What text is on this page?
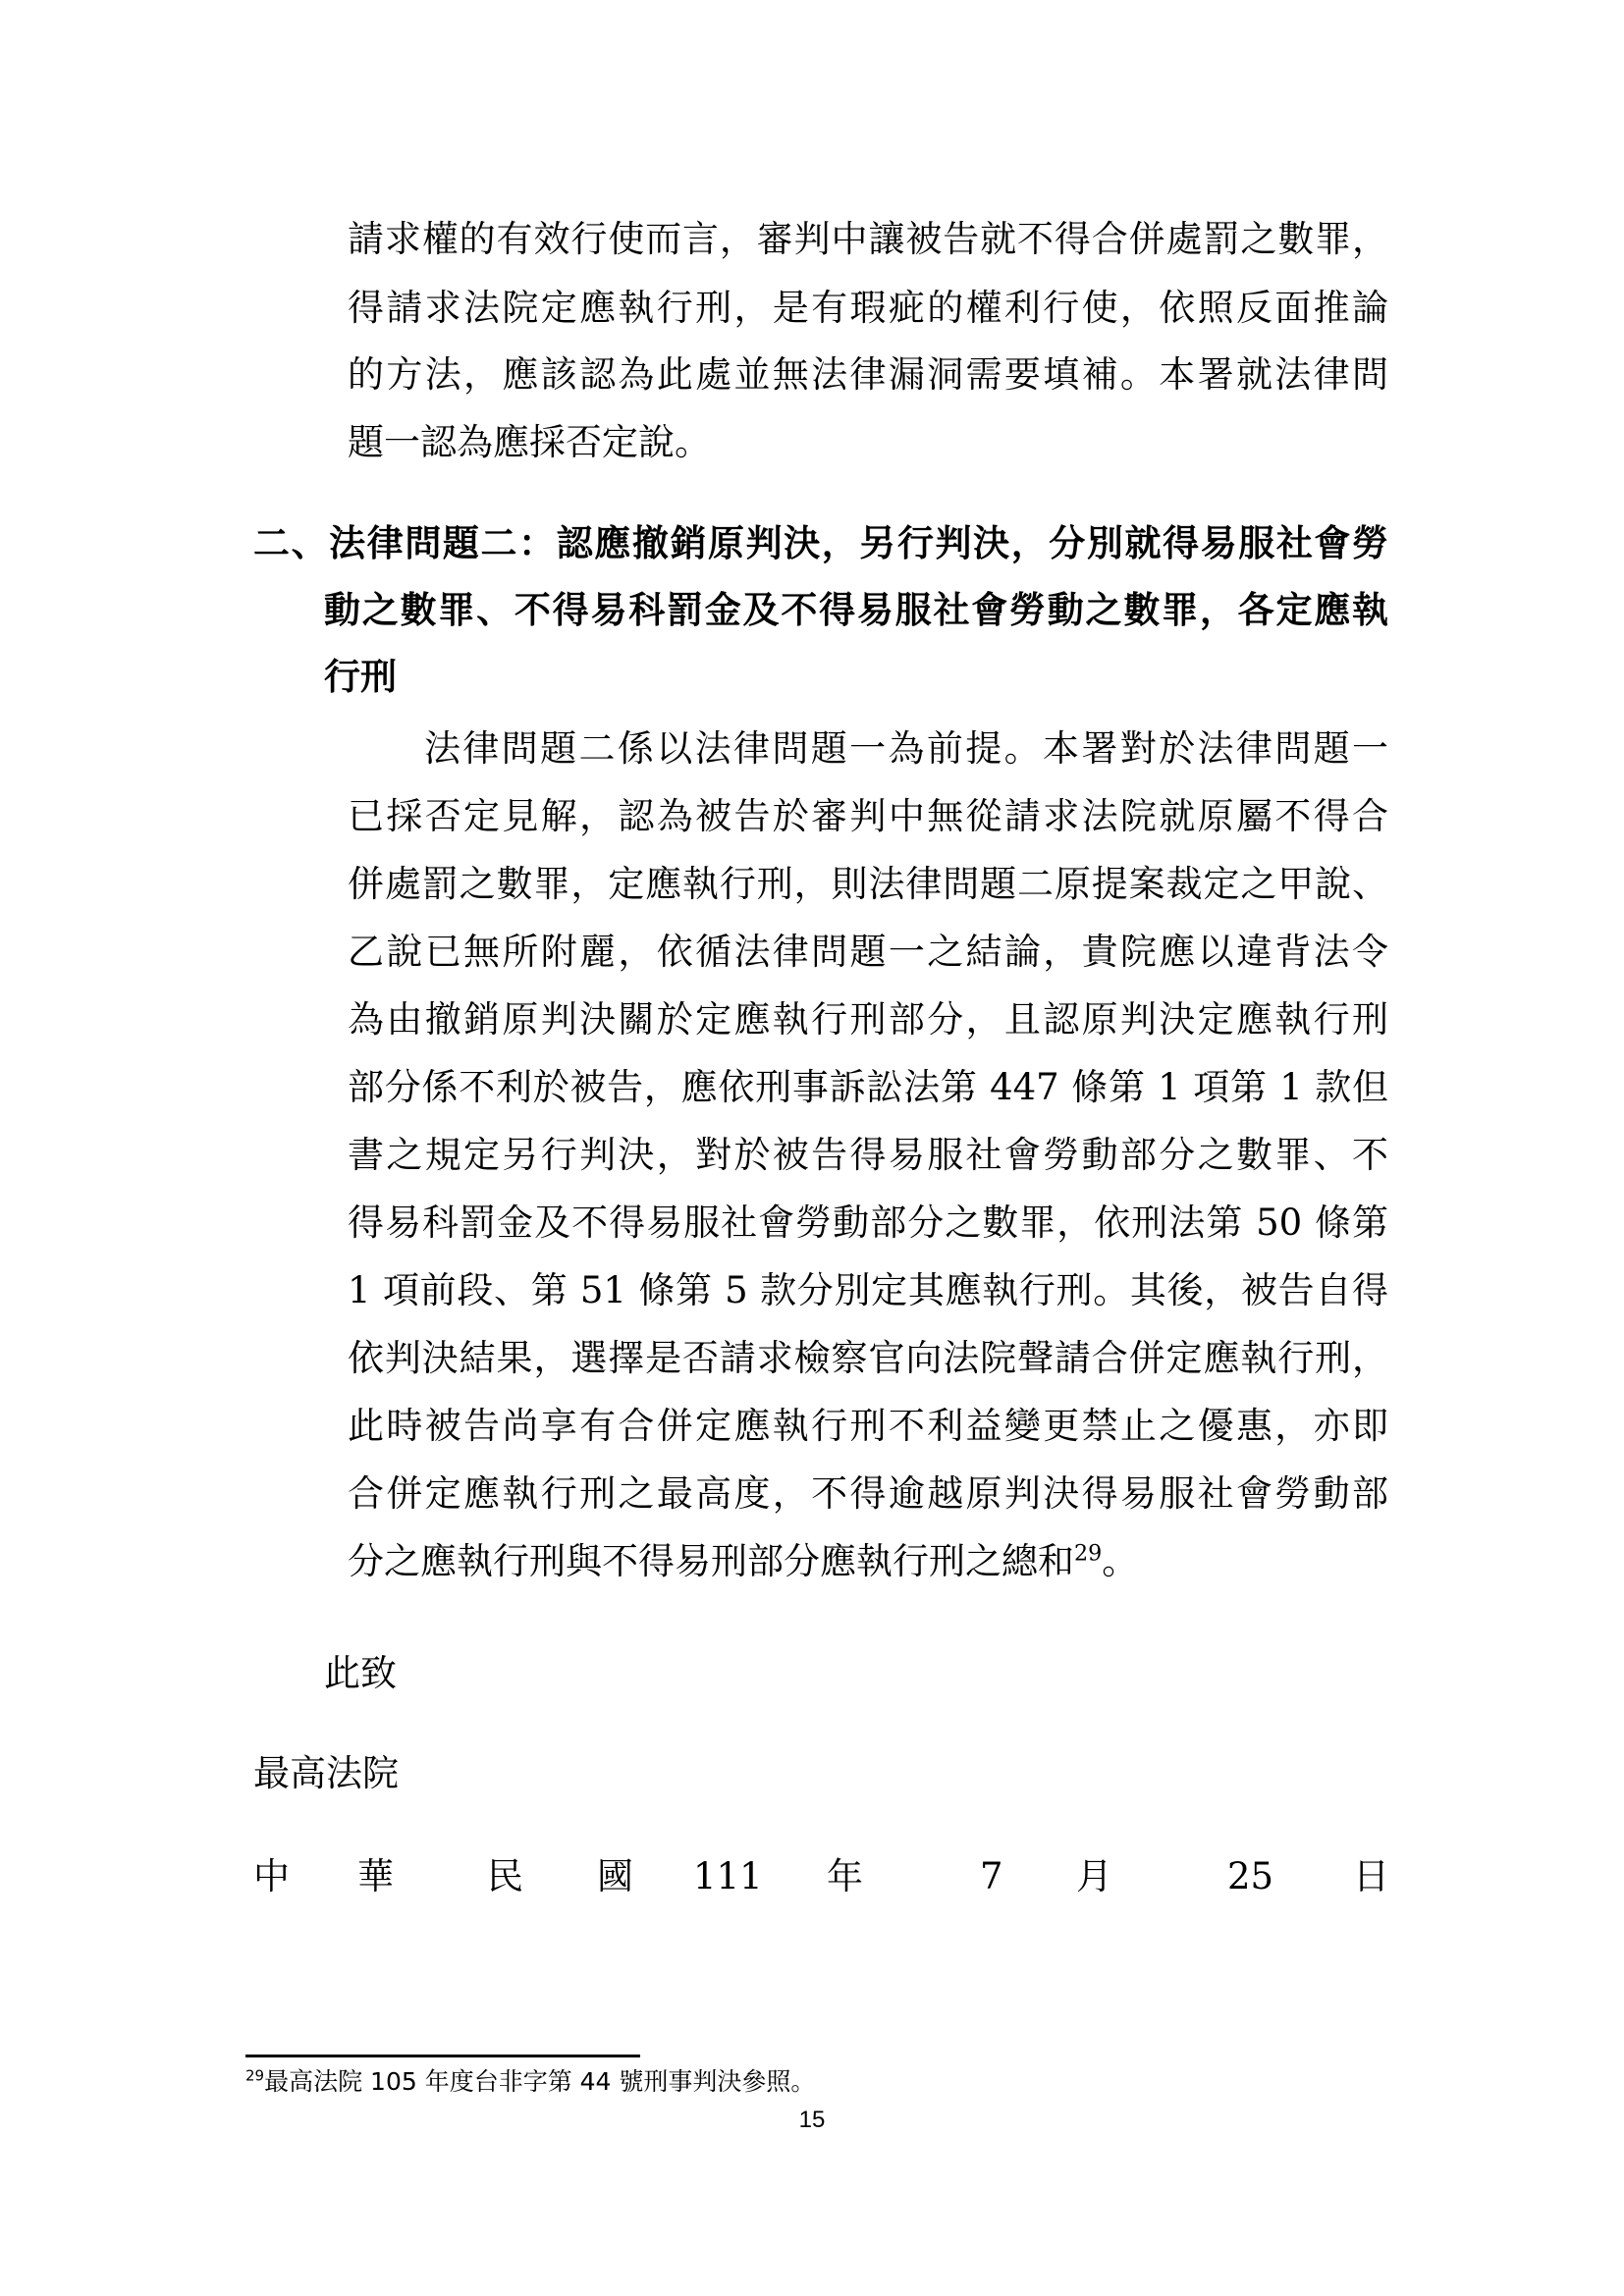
請求權的有效行使而言，審判中讓被告就不得合併處罰之數罪，
得請求法院定應執行刑，是有瑕疵的權利行使，依照反面推論
的方法，應該認為此處並無法律漏洞需要填補。本署就法律問
題一認為應採否定說。
二、法律問題二：認應撤銷原判決，另行判決，分別就得易服社會勞
動之數罪、不得易科罰金及不得易服社會勞動之數罪，各定應執
行刑
法律問題二係以法律問題一為前提。本署對於法律問題一
已採否定見解，認為被告於審判中無從請求法院就原屬不得合
併處罰之數罪，定應執行刑，則法律問題二原提案裁定之甲說、
乙說已無所附麗，依循法律問題一之結論，貴院應以違背法令
為由撤銷原判決關於定應執行刑部分，且認原判決定應執行刑
部分係不利於被告，應依刑事訴訟法第 447 條第 1 項第 1 款但
書之規定另行判決，對於被告得易服社會勞動部分之數罪、不
得易科罰金及不得易服社會勞動部分之數罪，依刑法第 50 條第
1 項前段、第 51 條第 5 款分別定其應執行刑。其後，被告自得
依判決結果，選擇是否請求檢察官向法院聲請合併定應執行刑，
此時被告尚享有合併定應執行刑不利益變更禁止之優惠，亦即
合併定應執行刑之最高度，不得逾越原判決得易服社會勞動部
分之應執行刑與不得易刑部分應執行刑之總和$^{29}$。
此致
最高法院
中 華	民 國 111 年	7 月	25 日
$^{29}$最高法院 105 年度台非字第 44 號刑事判決參照。
15
